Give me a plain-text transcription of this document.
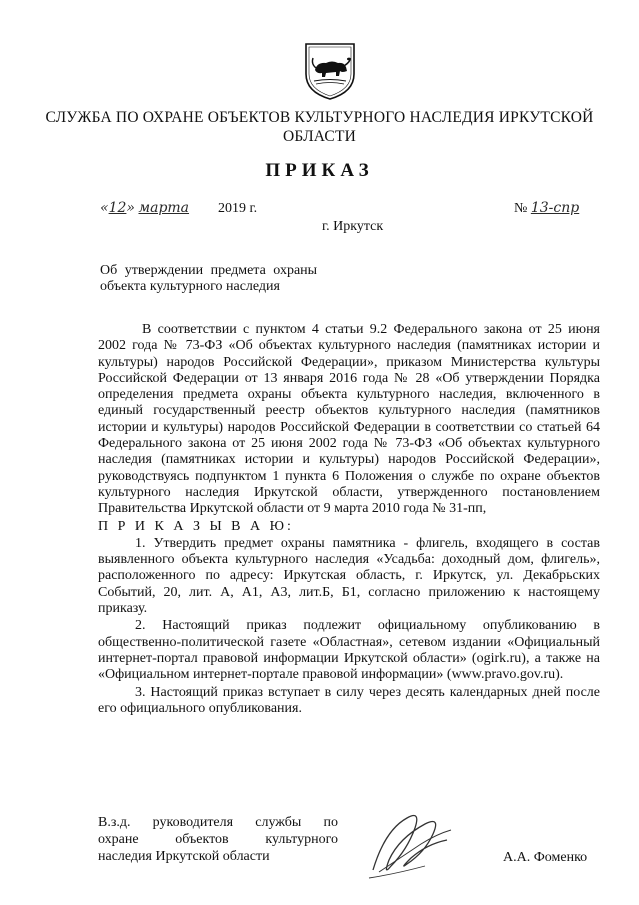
СЛУЖБА ПО ОХРАНЕ ОБЪЕКТОВ КУЛЬТУРНОГО НАСЛЕДИЯ ИРКУТСКОЙ
ОБЛАСТИ
ПРИКАЗ
«12» марта 2019 г.	№ 13-спр
г. Иркутск
Об утверждении предмета охраны
объекта культурного наследия

В соответствии с пунктом 4 статьи 9.2 Федерального закона от 25 июня 2002 года № 73-ФЗ «Об объектах культурного наследия (памятниках истории и культуры) народов Российской Федерации», приказом Министерства культуры Российской Федерации от 13 января 2016 года № 28 «Об утверждении Порядка определения предмета охраны объекта культурного наследия, включенного в единый государственный реестр объектов культурного наследия (памятников истории и культуры) народов Российской Федерации в соответствии со статьей 64 Федерального закона от 25 июня 2002 года № 73-ФЗ «Об объектах культурного наследия (памятниках истории и культуры) народов Российской Федерации», руководствуясь подпунктом 1 пункта 6 Положения о службе по охране объектов культурного наследия Иркутской области, утвержденного постановлением Правительства Иркутской области от 9 марта 2010 года № 31-пп,

П Р И К А З Ы В А Ю:

1. Утвердить предмет охраны памятника - флигель, входящего в состав выявленного объекта культурного наследия «Усадьба: доходный дом, флигель», расположенного по адресу: Иркутская область, г. Иркутск, ул. Декабрьских Событий, 20, лит. А, А1, А3, лит.Б, Б1, согласно приложению к настоящему приказу.

2. Настоящий приказ подлежит официальному опубликованию в общественно-политической газете «Областная», сетевом издании «Официальный интернет-портал правовой информации Иркутской области» (ogirk.ru), а также на «Официальном интернет-портале правовой информации» (www.pravo.gov.ru).

3. Настоящий приказ вступает в силу через десять календарных дней после его официального опубликования.

В.з.д. руководителя службы по
охране объектов культурного
наследия Иркутской области	А.А. Фоменко
